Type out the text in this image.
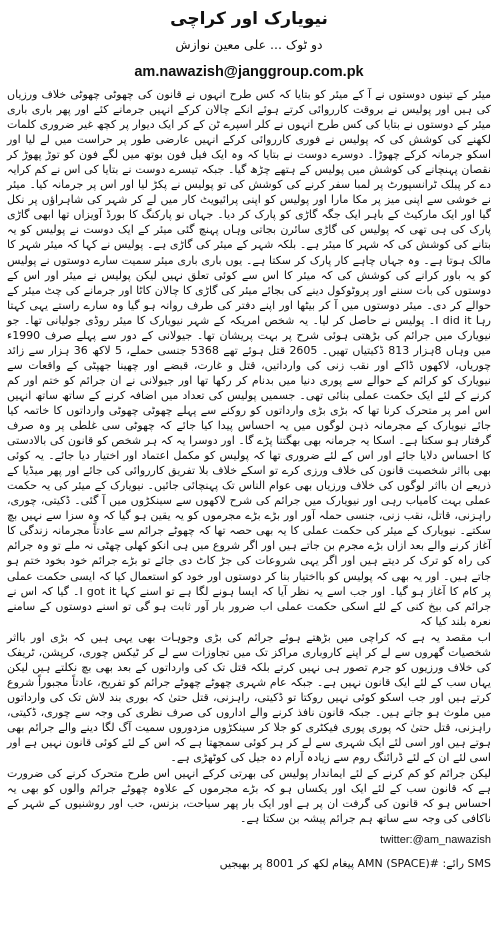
نیویارک اور کراچی
دو ٹوک ... علی معین نوازش
am.nawazish@janggroup.com.pk

میئر کے تینوں دوستوں نے آ کے میئر کو بتایا کہ کس طرح انہوں نے قانون کی چھوٹی چھوٹی خلاف ورزیاں کی ہیں اور پولیس نے بروقت کارروائی کرتے ہوئے انکے چالان کرکے انہیں جرمانے کئے اور پھر باری باری میئر کے دوستوں نے بتایا کی کس طرح انہوں نے کلر اسپرے ٹن کے کر ایک دیوار پر کچھ غیر ضروری کلمات لکھنے کی کوشش کی کہ پولیس نے فوری کارروائی کرکے انہیں عارضی طور پر حراست میں لے لیا اور اسکو جرمانہ کرکے چھوڑا۔ دوسرے دوست نے بتایا کہ وہ ایک فیل فون بوتھ میں لگے فون کو توڑ پھوڑ کر نقصان پہنچانے کی کوشش میں پولیس کے ہتھے چڑھ گیا۔ جبکہ تیسرے دوست نے بتایا کی اس نے کم کرایہ دے کر پبلک ٹرانسپورٹ پر لمبا سفر کرنے کی کوشش کی تو پولیس نے پکڑ لیا اور اس پر جرمانہ کیا۔ میئر نے خوشی سے اپنی میز پر مکا مارا اور پولیس کو اپنی پرائیویٹ کار میں لے کر شہر کی شاہراؤں پر نکل گیا اور ایک مارکیٹ کے باہر ایک جگہ گاڑی کو پارک کر دیا۔ جہاں نو پارکنگ کا بورڈ آویزاں تھا ابھی گاڑی پارک کی ہی تھی کہ پولیس کی گاڑی سائرن بجاتی وہاں پہنچ گئی میئر کے ایک دوست نے پولیس کو یہ بتانے کی کوشش کی کہ شہر کا میئر ہے۔ بلکہ شہر کے میئر کی گاڑی ہے۔ پولیس نے کہا کہ میئر شہر کا مالک ہوتا ہے۔ وہ جہاں چاہے کار پارک کر سکتا ہے۔ یوں باری باری میئر سمیت سارے دوستوں نے پولیس کو یہ باور کرانے کی کوشش کی کہ میئر کا اس سے کوئی تعلق نہیں لیکن پولیس نے میئر اور اس کے دوستوں کی بات سننے اور پروٹوکول دینے کی بجائے میئر کی گاڑی کا چالان کاٹا اور جرمانے کی چٹ میئر کے حوالے کر دی۔ میئر دوستوں میں آ کر بیٹھا اور اپنے دفتر کی طرف روانہ ہو گیا وہ سارے راستے یہی کہتا رہا I did it۔ پولیس نے حاصل کر لیا۔ یہ شخص امریکہ کے شہر نیویارک کا میئر روڈی جولیانی تھا۔ جو نیویارک میں جرائم کی بڑھتی ہوئی شرح پر بہت پریشان تھا۔ جیولانی کے دور سے پہلے صرف 1990ء میں وہاں 8ہزار 813 ڈکیتیاں تھیں۔ 2605 قتل ہوئے تھے 5368 جنسی حملے، 5 لاکھ 36 ہزار سے زائد چوریاں، لاکھوں ڈاکے اور نقب زنی کی وارداتیں، قتل و غارت، قبضے اور چھینا جھپٹی کے واقعات سے نیویارک کو کرائم کے حوالے سے پوری دنیا میں بدنام کر رکھا تھا اور جیولانی نے ان جرائم کو ختم اور کم کرنے کے لئے ایک حکمت عملی بنائی تھی۔ جسمیں پولیس کی تعداد میں اضافہ کرنے کے ساتھ ساتھ انہیں اس امر پر متحرک کرنا تھا کہ بڑی بڑی وارداتوں کو روکنے سے پہلے چھوٹی چھوٹی وارداتوں کا خاتمہ کیا جائے نیویارک کے مجرمانہ ذہن لوگوں میں یہ احساس پیدا کیا جائے کہ چھوٹی سی غلطی پر وہ صرف گرفتار ہو سکتا ہے۔ اسکا یہ جرمانہ بھی بھگتنا پڑے گا۔ اور دوسرا یہ کہ ہر شخص کو قانون کی بالادستی کا احساس دلایا جائے اور اس کے لئے ضروری تھا کہ پولیس کو مکمل اعتماد اور اختیار دیا جائے۔ یہ کوئی بھی بااثر شخصیت قانون کی خلاف ورزی کرے تو اسکے خلاف بلا تفریق کارروائی کی جائے اور پھر میڈیا کے ذریعے ان بااثر لوگوں کی خلاف ورزیاں بھی عوام الناس تک پہنچائی جائیں۔ نیویارک کے میئر کی یہ حکمت عملی بہت کامیاب رہی اور نیویارک میں جرائم کی شرح لاکھوں سے سینکڑوں میں آ گئی۔ ڈکیتی، چوری، راہزنی، قاتل، نقب زنی، جنسی حملہ آور اور بڑے بڑے مجرموں کو یہ یقین ہو گیا کہ وہ سزا سے نہیں بچ سکتے۔ نیویارک کے میئر کی حکمت عملی کا یہ بھی حصہ تھا کہ چھوٹے جرائم سے عادتاً مجرمانہ زندگی کا آغاز کرنے والے بعد ازاں بڑے مجرم بن جاتے ہیں اور اگر شروع میں ہی انکو کھلی چھٹی نہ ملے تو وہ جرائم کی راہ کو ترک کر دیتے ہیں اور اگر یہی شروعات کی جڑ کاٹ دی جائے تو بڑے جرائم خود بخود ختم ہو جاتے ہیں۔ اور یہ بھی کہ پولیس کو بااختیار بنا کر دوستوں اور خود کو استعمال کیا کہ ایسی حکمت عملی پر کام کا آغاز ہو گیا۔ اور جب اسے یہ نظر آیا کہ ایسا ہونے لگا ہے تو اسنے کہا I got it۔ گیا کہ اس نے جرائم کی بیخ کنی کے لئے اسکی حکمت عملی اب ضرور بار آور ثابت ہو گی تو اسنے دوستوں کے سامنے نعرہ بلند کیا کہ

اب مقصد یہ ہے کہ کراچی میں بڑھتے ہوئے جرائم کی بڑی وجوہات بھی یہی ہیں کہ بڑی اور بااثر شخصیات گھروں سے لے کر اپنے کاروباری مراکز تک میں تجاوزات سے لے کر ٹیکس چوری، کرپشن، ٹریفک کی خلاف ورزیوں کو جرم تصور ہی نہیں کرتے بلکہ قتل تک کی وارداتوں کے بعد بھی بچ نکلتے ہیں لیکن یہاں سب کے لئے ایک قانون نہیں ہے۔ جبکہ عام شہری چھوٹے چھوٹے جرائم کو تفریح، عادتاً مجبوراً شروع کرتے ہیں اور جب اسکو کوئی نہیں روکتا تو ڈکیتی، راہزنی، قتل حتیٰ کہ بوری بند لاش تک کی وارداتوں میں ملوث ہو جاتے ہیں۔ جبکہ قانون نافذ کرنے والے اداروں کی صرف نظری کی وجہ سے چوری، ڈکیتی، راہزنی، قتل حتیٰ کہ پوری پوری فیکٹری کو جلا کر سینکڑوں مزدوروں سمیت آگ لگا دینے والے جرائم بھی ہوتے ہیں اور اسی لئے ایک شہری سے لے کر ہر کوئی سمجھتا ہے کہ اس کے لئے کوئی قانون نہیں ہے اور اسی لئے ان کے لئے ڈرائنگ روم سے زیادہ آرام دہ جیل کی کوٹھڑی ہے۔

لیکن جرائم کو کم کرنے کے لئے ایماندار پولیس کی بھرتی کرکے انہیں اس طرح متحرک کرنے کی ضرورت ہے کہ قانون سب کے لئے ایک اور یکساں ہو کہ بڑے مجرموں کے علاوہ چھوٹے جرائم والوں کو بھی یہ احساس ہو کہ قانون کی گرفت ان پر ہے اور ایک بار پھر سیاحت، بزنس، حب اور روشنیوں کے شہر کے ناکافی کی وجہ سے ساتھ ہم جرائم پیشہ بن سکتا ہے۔

twitter:@am_nawazish
SMS رائے: #AMN (SPACE) پیغام لکھ کر 8001 پر بھیجیں
